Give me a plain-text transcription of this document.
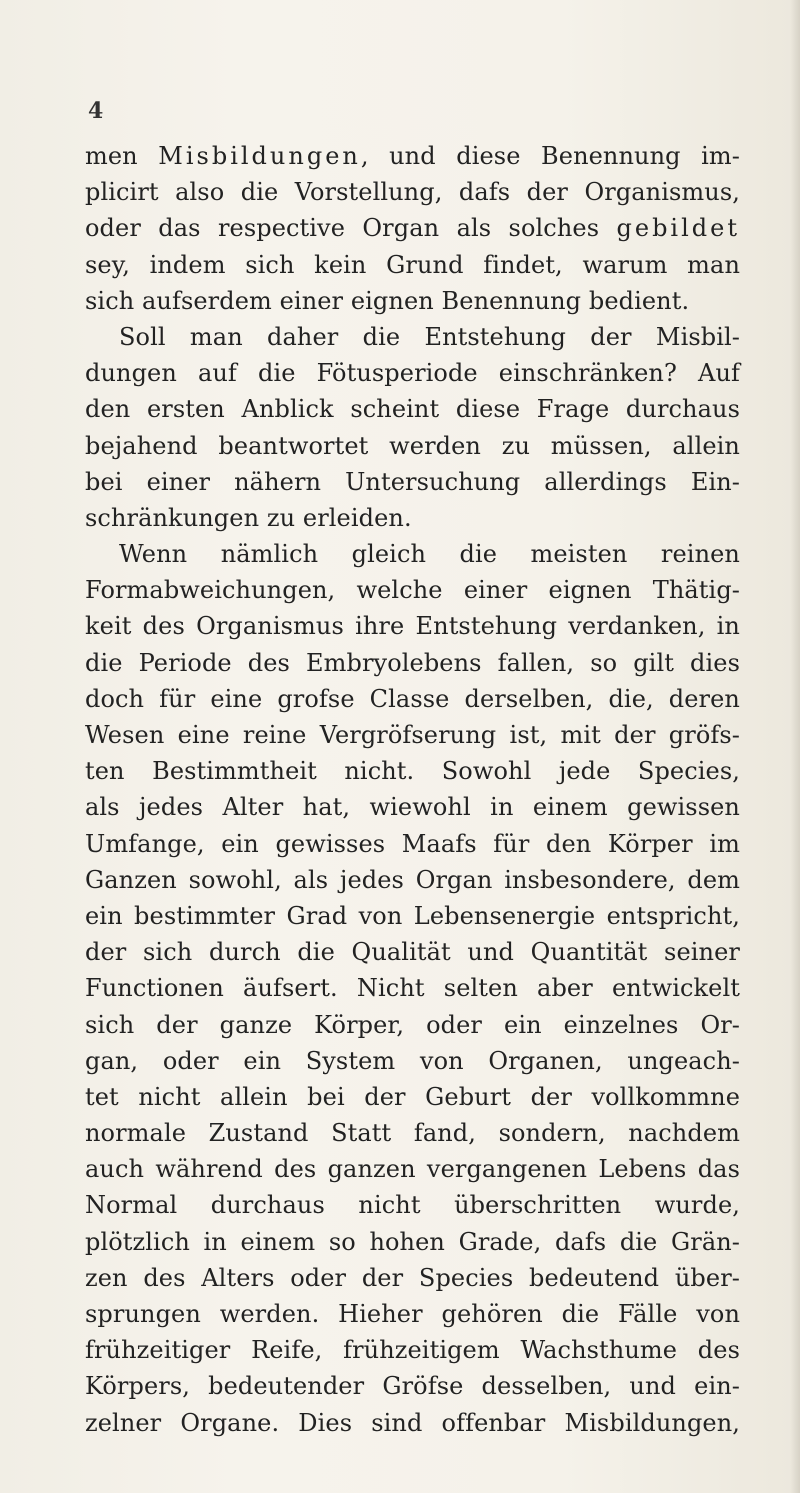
4
men Misbildungen, und diese Benennung im-
plicirt also die Vorstellung, dafs der Organismus,
oder das respective Organ als solches gebildet
sey, indem sich kein Grund findet, warum man
sich aufserdem einer eignen Benennung bedient.
Soll man daher die Entstehung der Misbil-
dungen auf die Fötusperiode einschränken? Auf
den ersten Anblick scheint diese Frage durchaus
bejahend beantwortet werden zu müssen, allein
bei einer nähern Untersuchung allerdings Ein-
schränkungen zu erleiden.
Wenn nämlich gleich die meisten reinen
Formabweichungen, welche einer eignen Thätig-
keit des Organismus ihre Entstehung verdanken, in
die Periode des Embryolebens fallen, so gilt dies
doch für eine grofse Classe derselben, die, deren
Wesen eine reine Vergröfserung ist, mit der gröfs-
ten Bestimmtheit nicht. Sowohl jede Species,
als jedes Alter hat, wiewohl in einem gewissen
Umfange, ein gewisses Maafs für den Körper im
Ganzen sowohl, als jedes Organ insbesondere, dem
ein bestimmter Grad von Lebensenergie entspricht,
der sich durch die Qualität und Quantität seiner
Functionen äufsert. Nicht selten aber entwickelt
sich der ganze Körper, oder ein einzelnes Or-
gan, oder ein System von Organen, ungeach-
tet nicht allein bei der Geburt der vollkommne
normale Zustand Statt fand, sondern, nachdem
auch während des ganzen vergangenen Lebens das
Normal durchaus nicht überschritten wurde,
plötzlich in einem so hohen Grade, dafs die Grän-
zen des Alters oder der Species bedeutend über-
sprungen werden. Hieher gehören die Fälle von
frühzeitiger Reife, frühzeitigem Wachsthume des
Körpers, bedeutender Gröfse desselben, und ein-
zelner Organe. Dies sind offenbar Misbildungen,
